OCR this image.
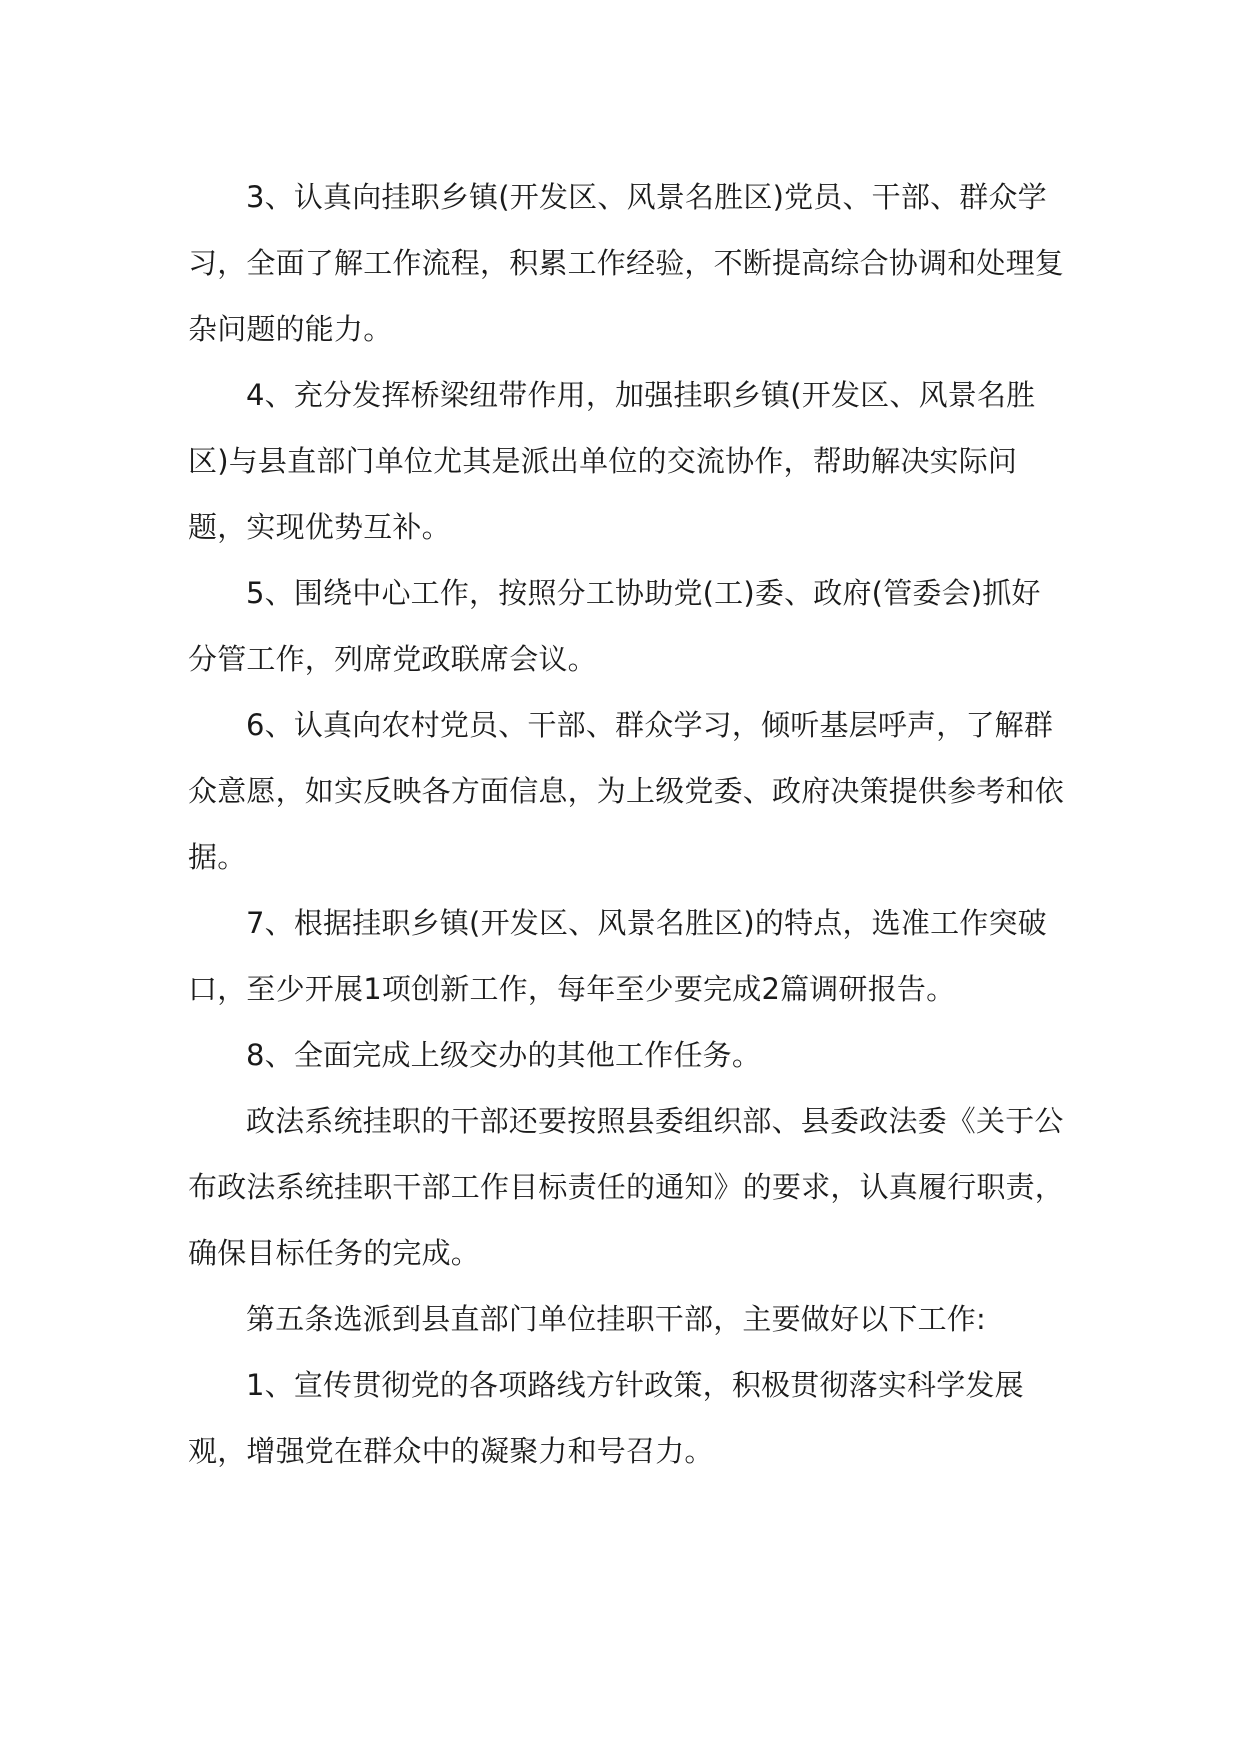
3、认真向挂职乡镇(开发区、风景名胜区)党员、干部、群众学习，全面了解工作流程，积累工作经验，不断提高综合协调和处理复杂问题的能力。

4、充分发挥桥梁纽带作用，加强挂职乡镇(开发区、风景名胜区)与县直部门单位尤其是派出单位的交流协作，帮助解决实际问题，实现优势互补。

5、围绕中心工作，按照分工协助党(工)委、政府(管委会)抓好分管工作，列席党政联席会议。

6、认真向农村党员、干部、群众学习，倾听基层呼声，了解群众意愿，如实反映各方面信息，为上级党委、政府决策提供参考和依据。

7、根据挂职乡镇(开发区、风景名胜区)的特点，选准工作突破口，至少开展1项创新工作，每年至少要完成2篇调研报告。

8、全面完成上级交办的其他工作任务。

政法系统挂职的干部还要按照县委组织部、县委政法委《关于公布政法系统挂职干部工作目标责任的通知》的要求，认真履行职责，确保目标任务的完成。

第五条选派到县直部门单位挂职干部，主要做好以下工作:

1、宣传贯彻党的各项路线方针政策，积极贯彻落实科学发展观，增强党在群众中的凝聚力和号召力。
